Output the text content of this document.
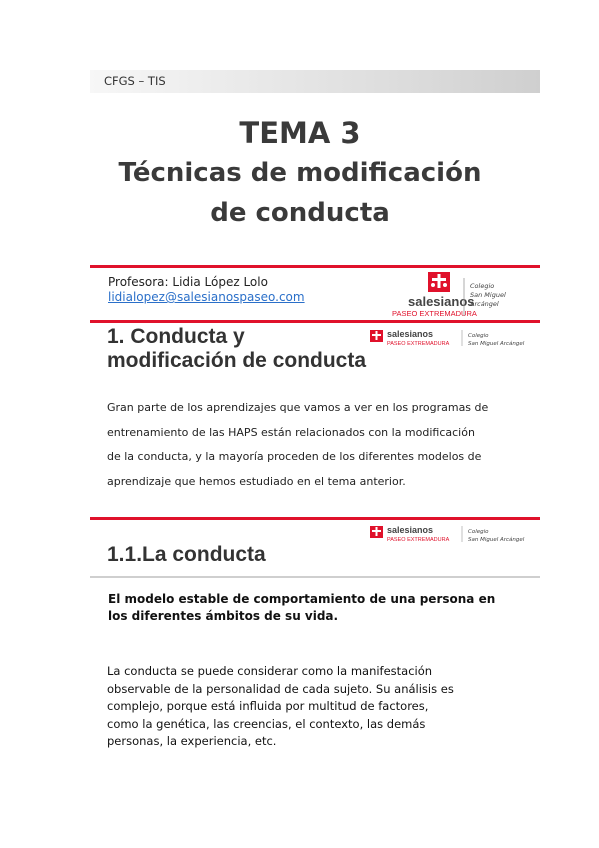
CFGS – TIS
TEMA 3
Técnicas de modificación
de conducta
Profesora: Lidia López Lolo
lidialopez@salesianospaseo.com	salesianos
PASEO EXTREMADURA
Colegio
San Miguel
Arcángel
salesianos
PASEO EXTREMADURA
Colegio
San Miguel Arcángel
1. Conducta y
modificación de conducta
Gran parte de los aprendizajes que vamos a ver en los programas de
entrenamiento de las HAPS están relacionados con la modificación
de la conducta, y la mayoría proceden de los diferentes modelos de
aprendizaje que hemos estudiado en el tema anterior.
salesianos
PASEO EXTREMADURA
Colegio
San Miguel Arcángel
1.1.La conducta
El modelo estable de comportamiento de una persona en
los diferentes ámbitos de su vida.
La conducta se puede considerar como la manifestación
observable de la personalidad de cada sujeto. Su análisis es
complejo, porque está influida por multitud de factores,
como la genética, las creencias, el contexto, las demás
personas, la experiencia, etc.
